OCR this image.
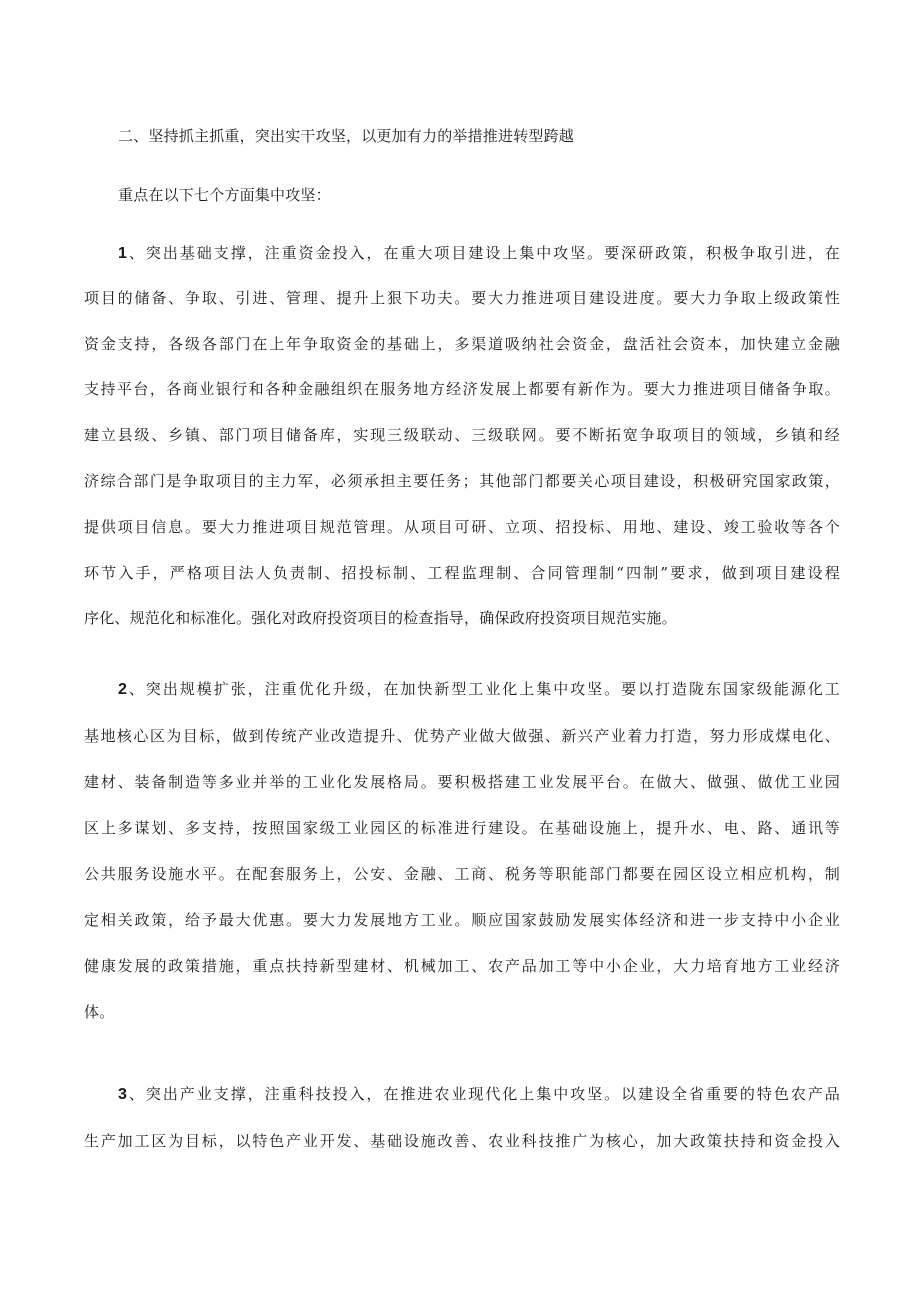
二、坚持抓主抓重，突出实干攻坚，以更加有力的举措推进转型跨越
重点在以下七个方面集中攻坚：
1、突出基础支撑，注重资金投入，在重大项目建设上集中攻坚。要深研政策，积极争取引进，在
项目的储备、争取、引进、管理、提升上狠下功夫。要大力推进项目建设进度。要大力争取上级政策性
资金支持，各级各部门在上年争取资金的基础上，多渠道吸纳社会资金，盘活社会资本，加快建立金融
支持平台，各商业银行和各种金融组织在服务地方经济发展上都要有新作为。要大力推进项目储备争取。
建立县级、乡镇、部门项目储备库，实现三级联动、三级联网。要不断拓宽争取项目的领域，乡镇和经
济综合部门是争取项目的主力军，必须承担主要任务；其他部门都要关心项目建设，积极研究国家政策，
提供项目信息。要大力推进项目规范管理。从项目可研、立项、招投标、用地、建设、竣工验收等各个
环节入手，严格项目法人负责制、招投标制、工程监理制、合同管理制“四制”要求，做到项目建设程
序化、规范化和标准化。强化对政府投资项目的检查指导，确保政府投资项目规范实施。
2、突出规模扩张，注重优化升级，在加快新型工业化上集中攻坚。要以打造陇东国家级能源化工
基地核心区为目标，做到传统产业改造提升、优势产业做大做强、新兴产业着力打造，努力形成煤电化、
建材、装备制造等多业并举的工业化发展格局。要积极搭建工业发展平台。在做大、做强、做优工业园
区上多谋划、多支持，按照国家级工业园区的标准进行建设。在基础设施上，提升水、电、路、通讯等
公共服务设施水平。在配套服务上，公安、金融、工商、税务等职能部门都要在园区设立相应机构，制
定相关政策，给予最大优惠。要大力发展地方工业。顺应国家鼓励发展实体经济和进一步支持中小企业
健康发展的政策措施，重点扶持新型建材、机械加工、农产品加工等中小企业，大力培育地方工业经济
体。
3、突出产业支撑，注重科技投入，在推进农业现代化上集中攻坚。以建设全省重要的特色农产品
生产加工区为目标，以特色产业开发、基础设施改善、农业科技推广为核心，加大政策扶持和资金投入
